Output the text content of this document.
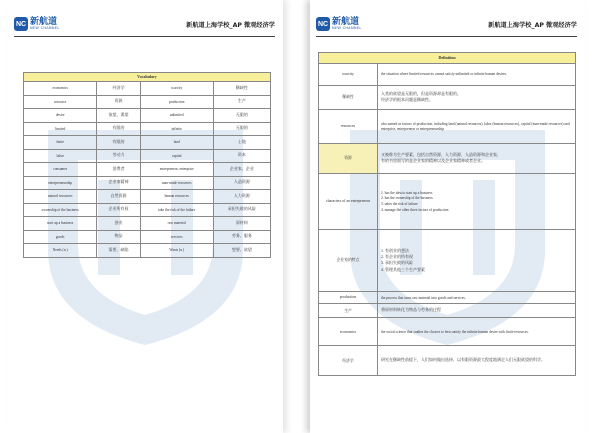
NC 新航道
NEW CHANNEL	新航道上海学校_AP 微观经济学
Vocabulary			
economics	经济学	scarcity	稀缺性
resource	资源	production	生产
desire	欲望、渴望	unlimited	无限的
limited	有限的	infinite	无限的
finite	有限的	land	土地
labor	劳动力	capital	资本
consumer	消费者	entrepreneur, enterprise	企业家、企业
entrepreneurship	企业家精神	man-made resources	人造资源
natural resources	自然资源	human resources	人力资源
ownership of the business	企业所有权	take the risk of the failure	承担失败的风险
start up a business	创业	raw material	原材料
goods	物品	services	劳务、服务
Needs (n.)	需要、缺陷	Wants (n.)	想要、欲望
NC 新航道
NEW CHANNEL	新航道上海学校_AP 微观经济学
Definition	
scarcity	the situation where limited resources cannot satisfy unlimited or infinite human desires.

稀缺性	人类的欲望是无限的，但是资源却是有限的。
经济学的根本问题是稀缺性。

resources	also named as factors of production, including land (natural resources), labor (human resources), capital (man-made resources) and enterprise, entrepreneur or entrepreneurship

资源	又被称为生产要素，包括自然资源，人力资源，人造资源和企业家，
有的书里面写的是企业家的精神以及企业家精神或者企业。

characters of an entrepreneur	1. has the idea to start up a business
2. has the ownership of the business
3. takes the risk of failure
4. manage the other three factors of production

企业家的特点	1. 有创业的想法
2. 有企业的所有权
3. 承担失败的风险
4. 管理其他三个生产要素

production	the process that turns raw material into goods and services.

生产	将原材料转化为物品与劳务的过程

economics	the social science that studies the choices to best satisfy the infinite human desire with finite resources.

经济学	研究在稀缺性前提下，人们如何做出选择，以有限资源最大程度地满足人们无限欲望的科学。
